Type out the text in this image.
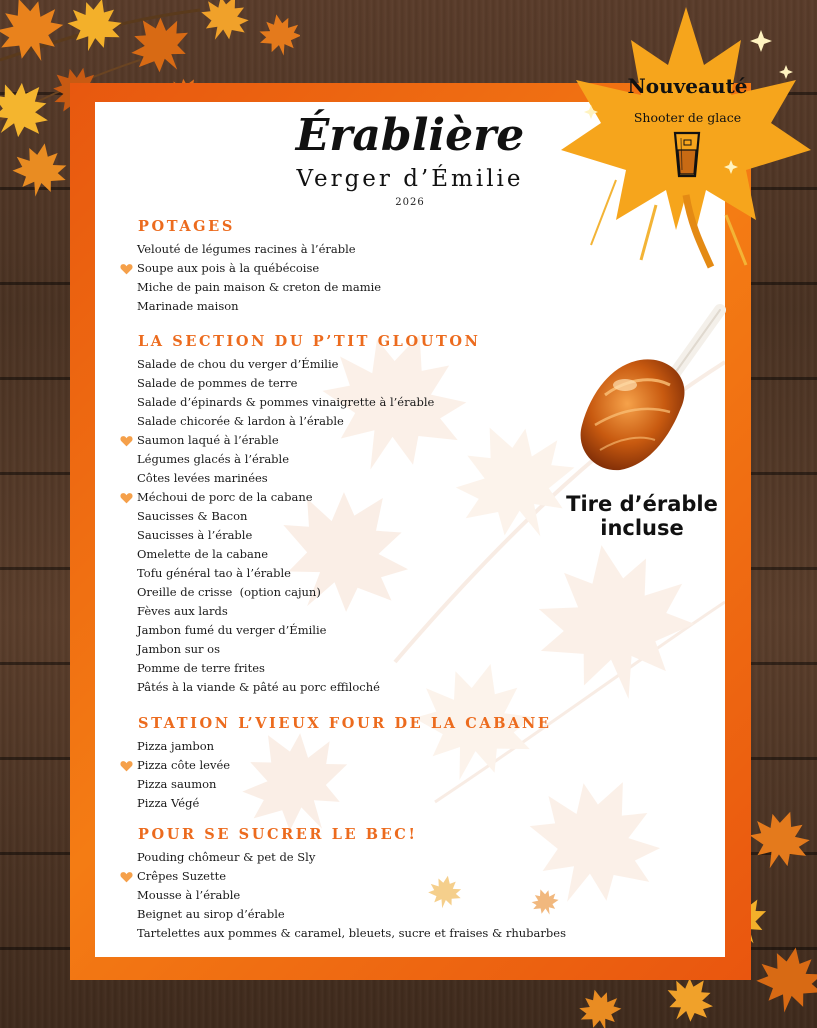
Érablière
Verger d’Émilie
2026
POTAGES
Velouté de légumes racines à l’érable
Soupe aux pois à la québécoise
Miche de pain maison & creton de mamie
Marinade maison
LA SECTION DU P’TIT GLOUTON
Salade de chou du verger d’Émilie
Salade de pommes de terre
Salade d’épinards & pommes vinaigrette à l’érable
Salade chicorée & lardon à l’érable
Saumon laqué à l’érable
Légumes glacés à l’érable
Côtes levées marinées
Méchoui de porc de la cabane
Saucisses & Bacon
Saucisses à l’érable
Omelette de la cabane
Tofu général tao à l’érable
Oreille de crisse  (option cajun)
Fèves aux lards
Jambon fumé du verger d’Émilie
Jambon sur os
Pomme de terre frites
Pâtés à la viande & pâté au porc effiloché
STATION L’VIEUX FOUR DE LA CABANE
Pizza jambon
Pizza côte levée
Pizza saumon
Pizza Végé
POUR SE SUCRER LE BEC!
Pouding chômeur & pet de Sly
Crêpes Suzette
Mousse à l’érable
Beignet au sirop d’érable
Tartelettes aux pommes & caramel, bleuets, sucre et fraises & rhubarbes
Nouveauté
Shooter de glace
Tire d’érable
incluse
